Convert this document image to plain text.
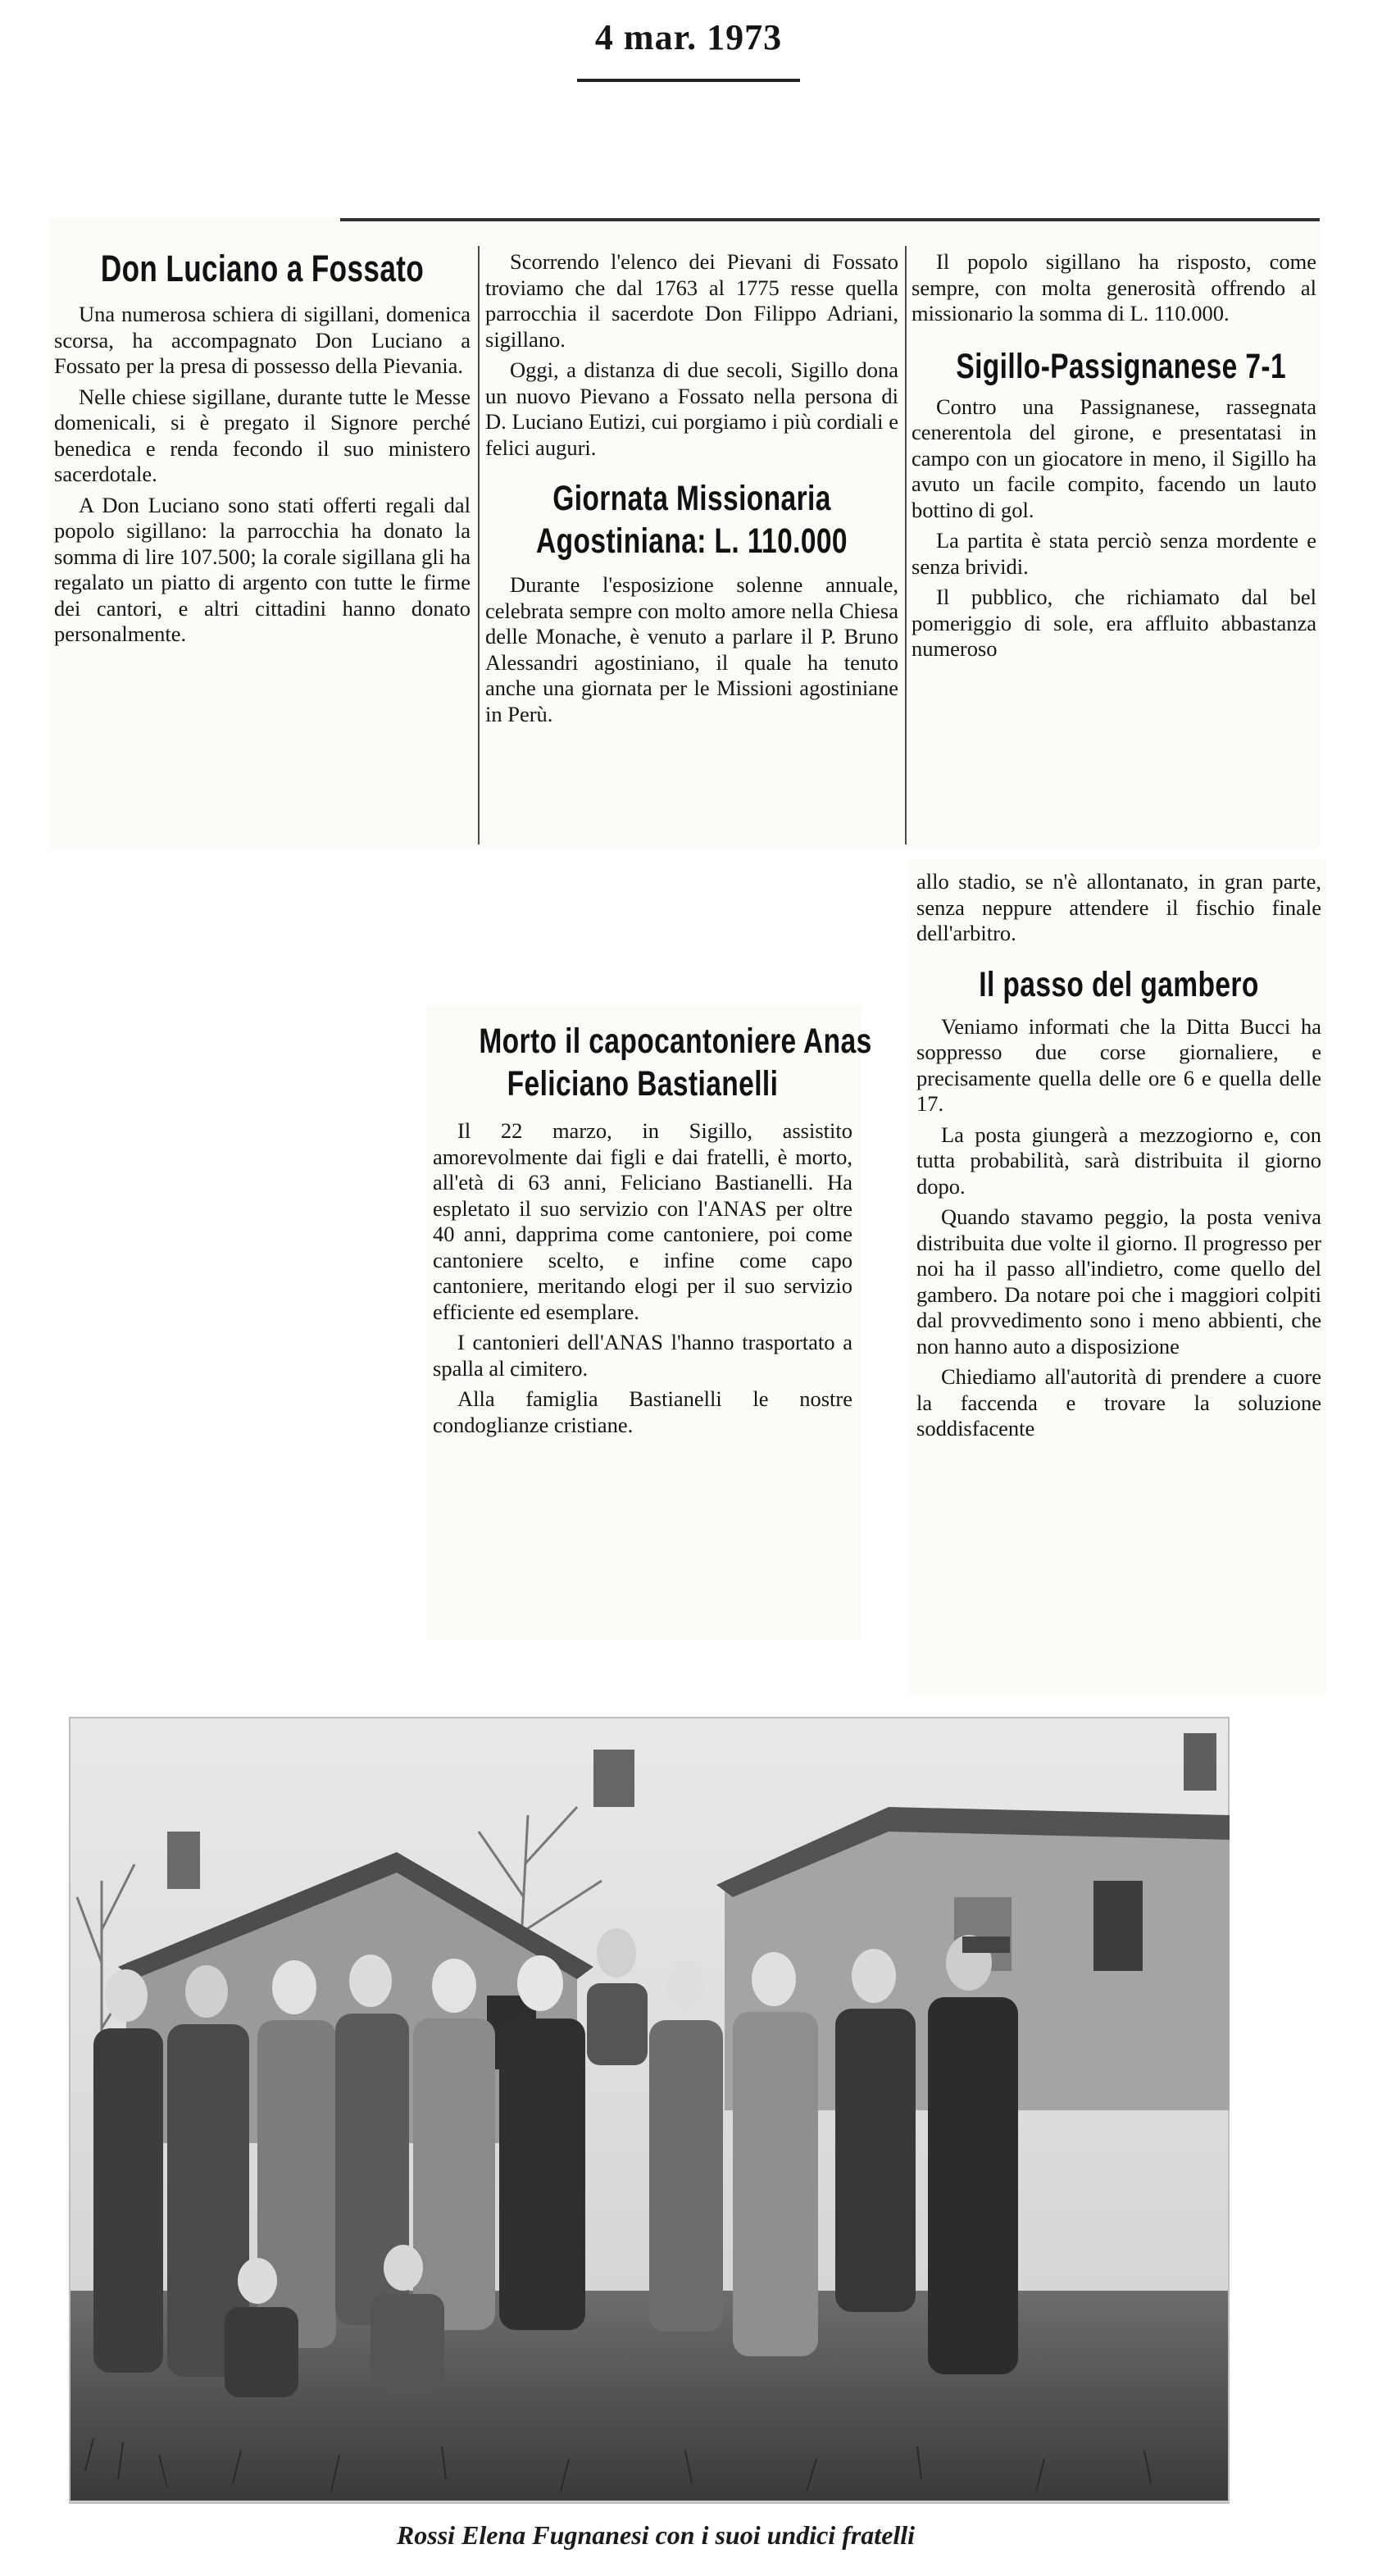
4 mar. 1973
Don Luciano a Fossato

Una numerosa schiera di sigillani, domenica scorsa, ha accompagnato Don Luciano a Fossato per la presa di possesso della Pievania.

Nelle chiese sigillane, durante tutte le Messe domenicali, si è pregato il Signore perché benedica e renda fecondo il suo ministero sacerdotale.

A Don Luciano sono stati offerti regali dal popolo sigillano: la parrocchia ha donato la somma di lire 107.500; la corale sigillana gli ha regalato un piatto di argento con tutte le firme dei cantori, e altri cittadini hanno donato personalmente.

Scorrendo l'elenco dei Pievani di Fossato troviamo che dal 1763 al 1775 resse quella parrocchia il sacerdote Don Filippo Adriani, sigillano.

Oggi, a distanza di due secoli, Sigillo dona un nuovo Pievano a Fossato nella persona di D. Luciano Eutizi, cui porgiamo i più cordiali e felici auguri.

Giornata Missionaria
Agostiniana: L. 110.000

Durante l'esposizione solenne annuale, celebrata sempre con molto amore nella Chiesa delle Monache, è venuto a parlare il P. Bruno Alessandri agostiniano, il quale ha tenuto anche una giornata per le Missioni agostiniane in Perù.

Il popolo sigillano ha risposto, come sempre, con molta generosità offrendo al missionario la somma di L. 110.000.

Sigillo-Passignanese 7-1

Contro una Passignanese, rassegnata cenerentola del girone, e presentatasi in campo con un giocatore in meno, il Sigillo ha avuto un facile compito, facendo un lauto bottino di gol.

La partita è stata perciò senza mordente e senza brividi.

Il pubblico, che richiamato dal bel pomeriggio di sole, era affluito abbastanza numeroso

allo stadio, se n'è allontanato, in gran parte, senza neppure attendere il fischio finale dell'arbitro.

Il passo del gambero

Veniamo informati che la Ditta Bucci ha soppresso due corse giornaliere, e precisamente quella delle ore 6 e quella delle 17.

La posta giungerà a mezzogiorno e, con tutta probabilità, sarà distribuita il giorno dopo.

Quando stavamo peggio, la posta veniva distribuita due volte il giorno. Il progresso per noi ha il passo all'indietro, come quello del gambero. Da notare poi che i maggiori colpiti dal provvedimento sono i meno abbienti, che non hanno auto a disposizione

Chiediamo all'autorità di prendere a cuore la faccenda e trovare la soluzione soddisfacente

Morto il capocantoniere Anas
Feliciano Bastianelli

Il 22 marzo, in Sigillo, assistito amorevolmente dai figli e dai fratelli, è morto, all'età di 63 anni, Feliciano Bastianelli. Ha espletato il suo servizio con l'ANAS per oltre 40 anni, dapprima come cantoniere, poi come cantoniere scelto, e infine come capo cantoniere, meritando elogi per il suo servizio efficiente ed esemplare.

I cantonieri dell'ANAS l'hanno trasportato a spalla al cimitero.

Alla famiglia Bastianelli le nostre condoglianze cristiane.

Rossi Elena Fugnanesi con i suoi undici fratelli
